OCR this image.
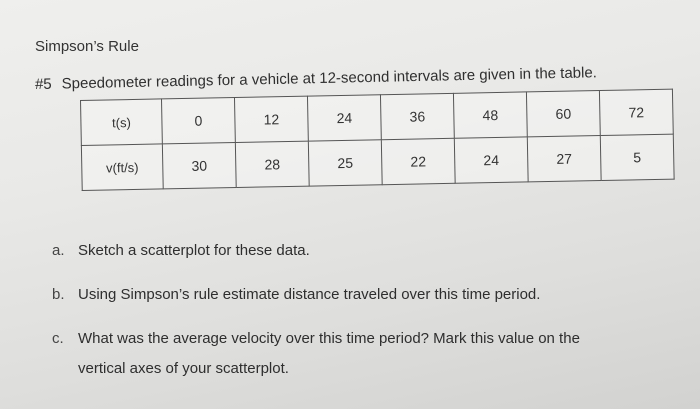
Simpson’s Rule
#5 Speedometer readings for a vehicle at 12-second intervals are given in the table.
t(s)	0	12	24	36	48	60	72
v(ft/s)	30	28	25	22	24	27	5
a. Sketch a scatterplot for these data.
b. Using Simpson’s rule estimate distance traveled over this time period.
c. What was the average velocity over this time period? Mark this value on the
vertical axes of your scatterplot.
